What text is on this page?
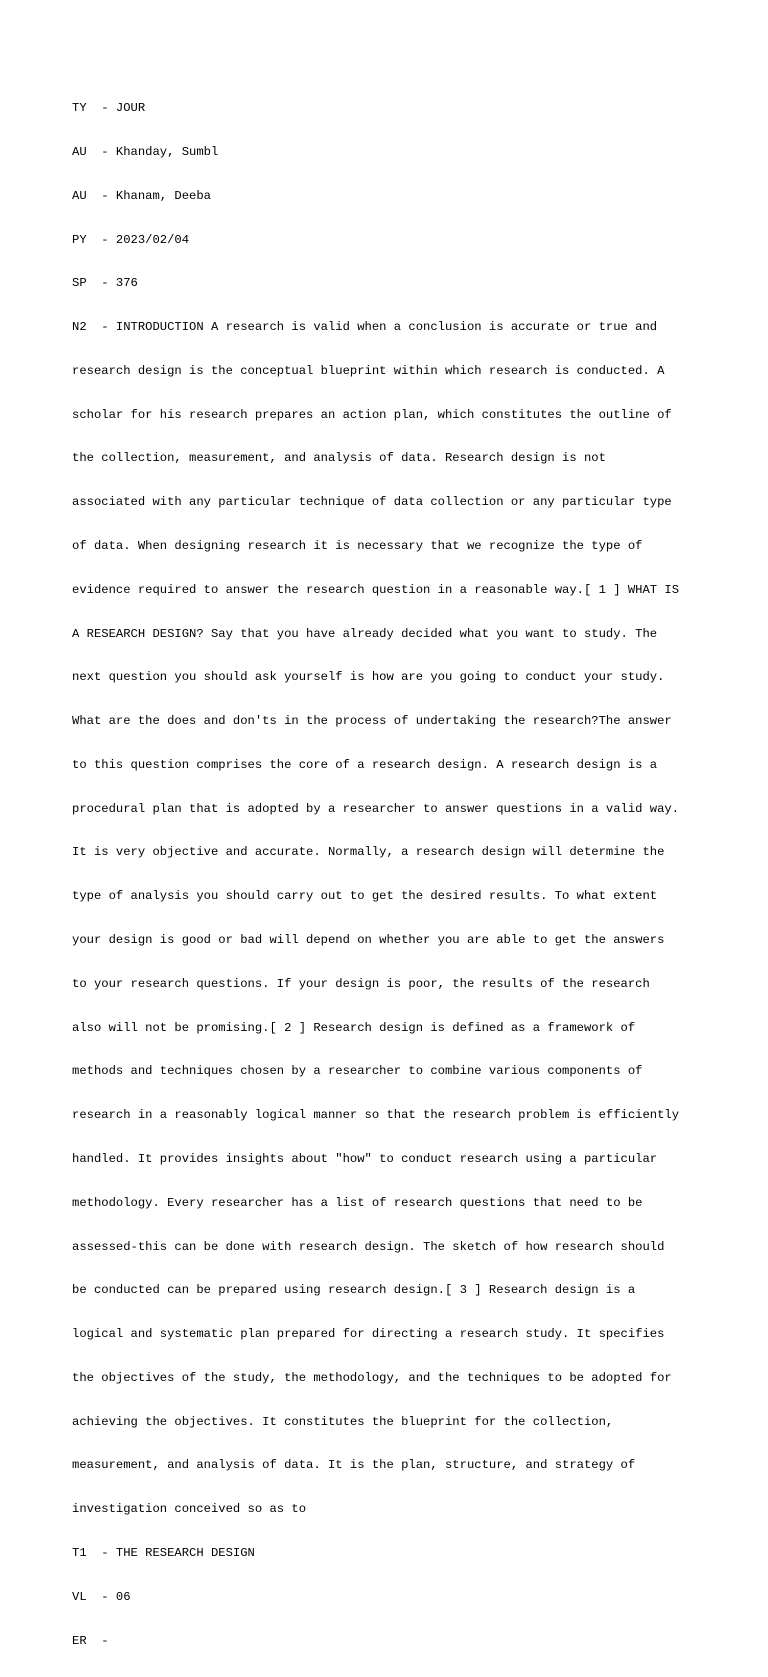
TY  - JOUR

AU  - Khanday, Sumbl

AU  - Khanam, Deeba

PY  - 2023/02/04

SP  - 376

N2  - INTRODUCTION A research is valid when a conclusion is accurate or true and

research design is the conceptual blueprint within which research is conducted. A

scholar for his research prepares an action plan, which constitutes the outline of

the collection, measurement, and analysis of data. Research design is not

associated with any particular technique of data collection or any particular type

of data. When designing research it is necessary that we recognize the type of

evidence required to answer the research question in a reasonable way.[ 1 ] WHAT IS

A RESEARCH DESIGN? Say that you have already decided what you want to study. The

next question you should ask yourself is how are you going to conduct your study.

What are the does and don'ts in the process of undertaking the research?The answer

to this question comprises the core of a research design. A research design is a

procedural plan that is adopted by a researcher to answer questions in a valid way.

It is very objective and accurate. Normally, a research design will determine the

type of analysis you should carry out to get the desired results. To what extent

your design is good or bad will depend on whether you are able to get the answers

to your research questions. If your design is poor, the results of the research

also will not be promising.[ 2 ] Research design is defined as a framework of

methods and techniques chosen by a researcher to combine various components of

research in a reasonably logical manner so that the research problem is efficiently

handled. It provides insights about "how" to conduct research using a particular

methodology. Every researcher has a list of research questions that need to be

assessed-this can be done with research design. The sketch of how research should

be conducted can be prepared using research design.[ 3 ] Research design is a

logical and systematic plan prepared for directing a research study. It specifies

the objectives of the study, the methodology, and the techniques to be adopted for

achieving the objectives. It constitutes the blueprint for the collection,

measurement, and analysis of data. It is the plan, structure, and strategy of

investigation conceived so as to

T1  - THE RESEARCH DESIGN

VL  - 06

ER  -
